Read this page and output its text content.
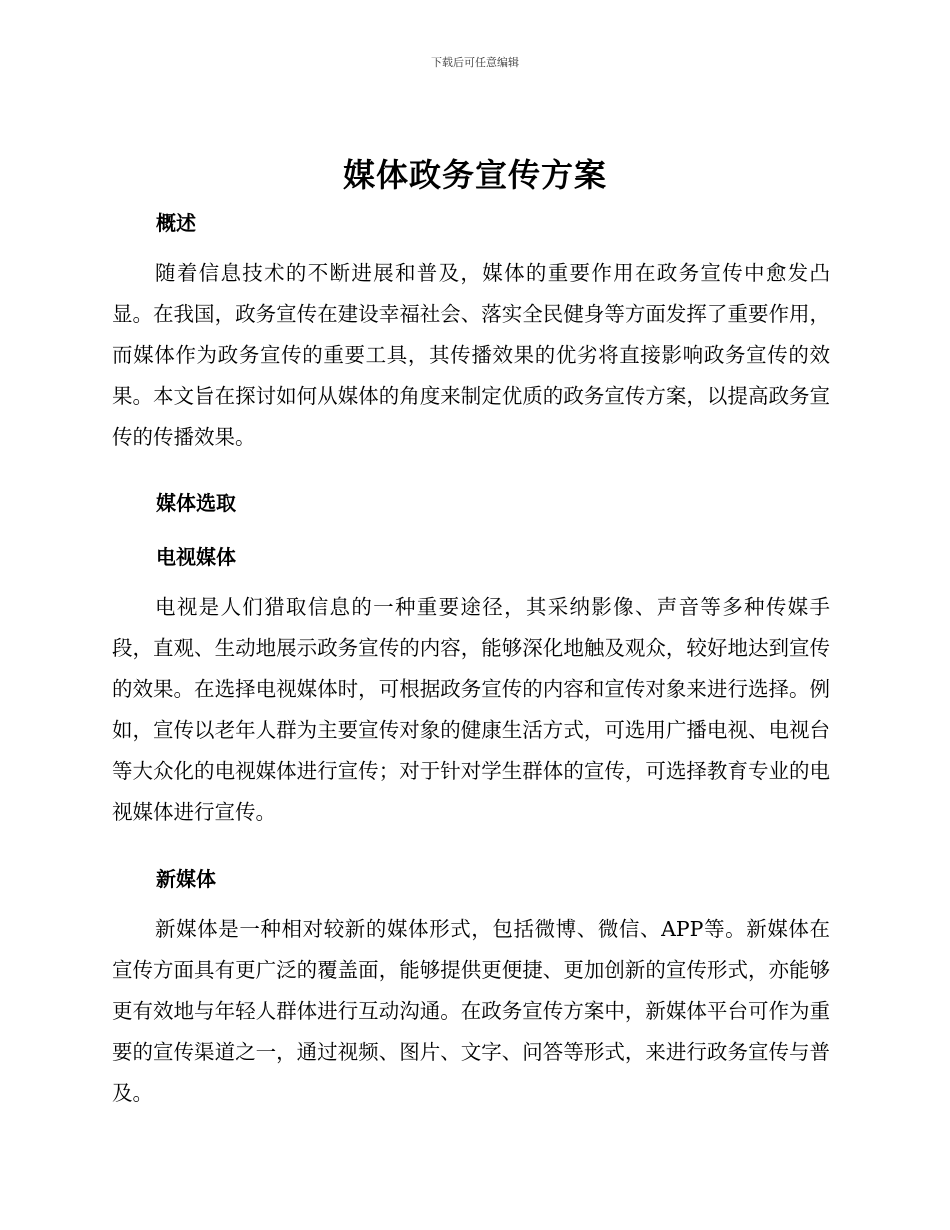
下载后可任意编辑
媒体政务宣传方案
概述
随着信息技术的不断进展和普及，媒体的重要作用在政务宣传中愈发凸显。在我国，政务宣传在建设幸福社会、落实全民健身等方面发挥了重要作用，而媒体作为政务宣传的重要工具，其传播效果的优劣将直接影响政务宣传的效果。本文旨在探讨如何从媒体的角度来制定优质的政务宣传方案，以提高政务宣传的传播效果。
媒体选取
电视媒体
电视是人们猎取信息的一种重要途径，其采纳影像、声音等多种传媒手段，直观、生动地展示政务宣传的内容，能够深化地触及观众，较好地达到宣传的效果。在选择电视媒体时，可根据政务宣传的内容和宣传对象来进行选择。例如，宣传以老年人群为主要宣传对象的健康生活方式，可选用广播电视、电视台等大众化的电视媒体进行宣传；对于针对学生群体的宣传，可选择教育专业的电视媒体进行宣传。
新媒体
新媒体是一种相对较新的媒体形式，包括微博、微信、APP等。新媒体在宣传方面具有更广泛的覆盖面，能够提供更便捷、更加创新的宣传形式，亦能够更有效地与年轻人群体进行互动沟通。在政务宣传方案中，新媒体平台可作为重要的宣传渠道之一，通过视频、图片、文字、问答等形式，来进行政务宣传与普及。
